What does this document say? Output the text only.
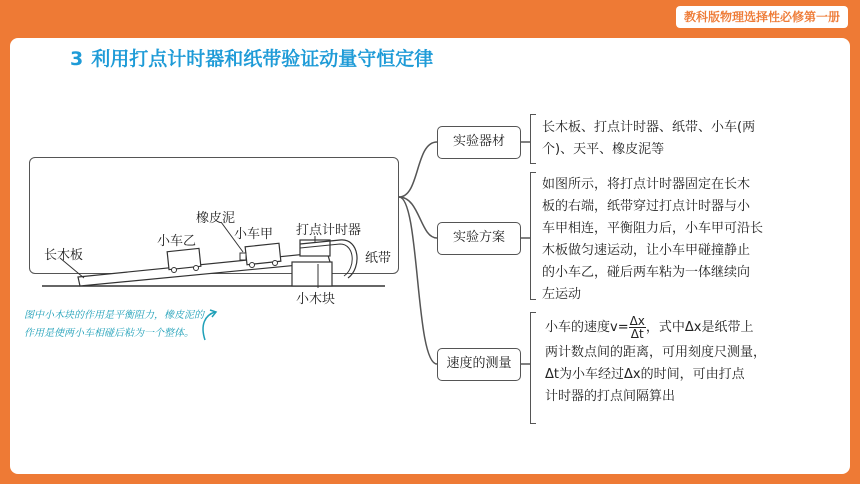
教科版物理选择性必修第一册
3 利用打点计时器和纸带验证动量守恒定律
橡皮泥
小车乙	小车甲 打点计时器
长木板	纸带
小木块
图中小木块的作用是平衡阻力，橡皮泥的
作用是使两小车相碰后粘为一个整体。
实验器材
长木板、打点计时器、纸带、小车(两
个)、天平、橡皮泥等
实验方案
如图所示，将打点计时器固定在长木
板的右端，纸带穿过打点计时器与小
车甲相连，平衡阻力后，小车甲可沿长
木板做匀速运动，让小车甲碰撞静止
的小车乙，碰后两车粘为一体继续向
左运动
速度的测量
小车的速度$v= \frac{\Delta x}{\Delta t}$ ，式中Δx是纸带上
两计数点间的距离，可用刻度尺测量，
Δt为小车经过Δx的时间，可由打点
计时器的打点间隔算出
